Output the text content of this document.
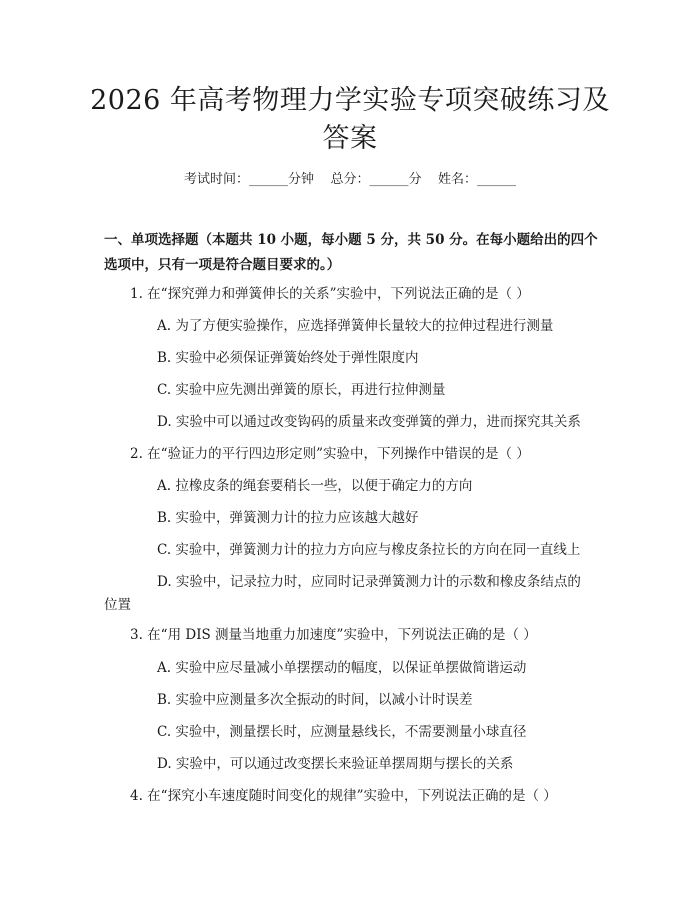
2026 年高考物理力学实验专项突破练习及答案
考试时间：______分钟    总分：______分    姓名：______
一、单项选择题（本题共 10 小题，每小题 5 分，共 50 分。在每小题给出的四个选项中，只有一项是符合题目要求的。）
1. 在“探究弹力和弹簧伸长的关系”实验中，下列说法正确的是（ ）
A. 为了方便实验操作，应选择弹簧伸长量较大的拉伸过程进行测量
B. 实验中必须保证弹簧始终处于弹性限度内
C. 实验中应先测出弹簧的原长，再进行拉伸测量
D. 实验中可以通过改变钩码的质量来改变弹簧的弹力，进而探究其关系
2. 在“验证力的平行四边形定则”实验中，下列操作中错误的是（ ）
A. 拉橡皮条的绳套要稍长一些，以便于确定力的方向
B. 实验中，弹簧测力计的拉力应该越大越好
C. 实验中，弹簧测力计的拉力方向应与橡皮条拉长的方向在同一直线上
D. 实验中，记录拉力时，应同时记录弹簧测力计的示数和橡皮条结点的
位置
3. 在“用 DIS 测量当地重力加速度”实验中，下列说法正确的是（ ）
A. 实验中应尽量减小单摆摆动的幅度，以保证单摆做简谐运动
B. 实验中应测量多次全振动的时间，以减小计时误差
C. 实验中，测量摆长时，应测量悬线长，不需要测量小球直径
D. 实验中，可以通过改变摆长来验证单摆周期与摆长的关系
4. 在“探究小车速度随时间变化的规律”实验中，下列说法正确的是（ ）
